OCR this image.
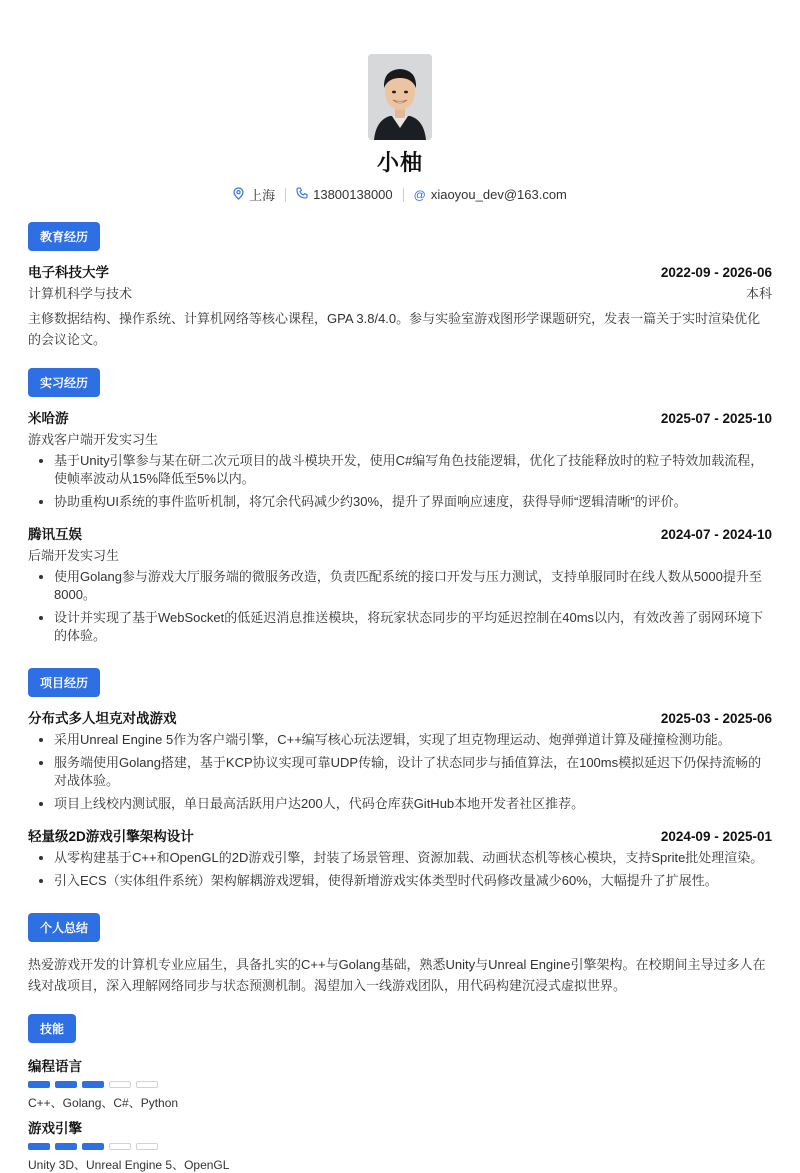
小柚
上海	13800138000 @ xiaoyou_dev@163.com
教育经历
电子科技大学	2022-09 - 2026-06
计算机科学与技术	本科
主修数据结构、操作系统、计算机网络等核心课程，GPA 3.8/4.0。参与实验室游戏图形学课题研究，发表一篇关于实时渲染优化的会议论文。
实习经历
米哈游	2025-07 - 2025-10
游戏客户端开发实习生
• 基于Unity引擎参与某在研二次元项目的战斗模块开发，使用C#编写角色技能逻辑，优化了技能释放时的粒子特效加载流程，使帧率波动从15%降低至5%以内。
• 协助重构UI系统的事件监听机制，将冗余代码减少约30%，提升了界面响应速度，获得导师“逻辑清晰”的评价。
腾讯互娱	2024-07 - 2024-10
后端开发实习生
• 使用Golang参与游戏大厅服务端的微服务改造，负责匹配系统的接口开发与压力测试，支持单服同时在线人数从5000提升至8000。
• 设计并实现了基于WebSocket的低延迟消息推送模块，将玩家状态同步的平均延迟控制在40ms以内，有效改善了弱网环境下的体验。
项目经历
分布式多人坦克对战游戏	2025-03 - 2025-06
• 采用Unreal Engine 5作为客户端引擎，C++编写核心玩法逻辑，实现了坦克物理运动、炮弹弹道计算及碰撞检测功能。
• 服务端使用Golang搭建，基于KCP协议实现可靠UDP传输，设计了状态同步与插值算法，在100ms模拟延迟下仍保持流畅的对战体验。
• 项目上线校内测试服，单日最高活跃用户达200人，代码仓库获GitHub本地开发者社区推荐。
轻量级2D游戏引擎架构设计	2024-09 - 2025-01
• 从零构建基于C++和OpenGL的2D游戏引擎，封装了场景管理、资源加载、动画状态机等核心模块，支持Sprite批处理渲染。
• 引入ECS（实体组件系统）架构解耦游戏逻辑，使得新增游戏实体类型时代码修改量减少60%，大幅提升了扩展性。
个人总结
热爱游戏开发的计算机专业应届生，具备扎实的C++与Golang基础，熟悉Unity与Unreal Engine引擎架构。在校期间主导过多人在线对战项目，深入理解网络同步与状态预测机制。渴望加入一线游戏团队，用代码构建沉浸式虚拟世界。
技能
编程语言
C++、Golang、C#、Python
游戏引擎
Unity 3D、Unreal Engine 5、OpenGL
